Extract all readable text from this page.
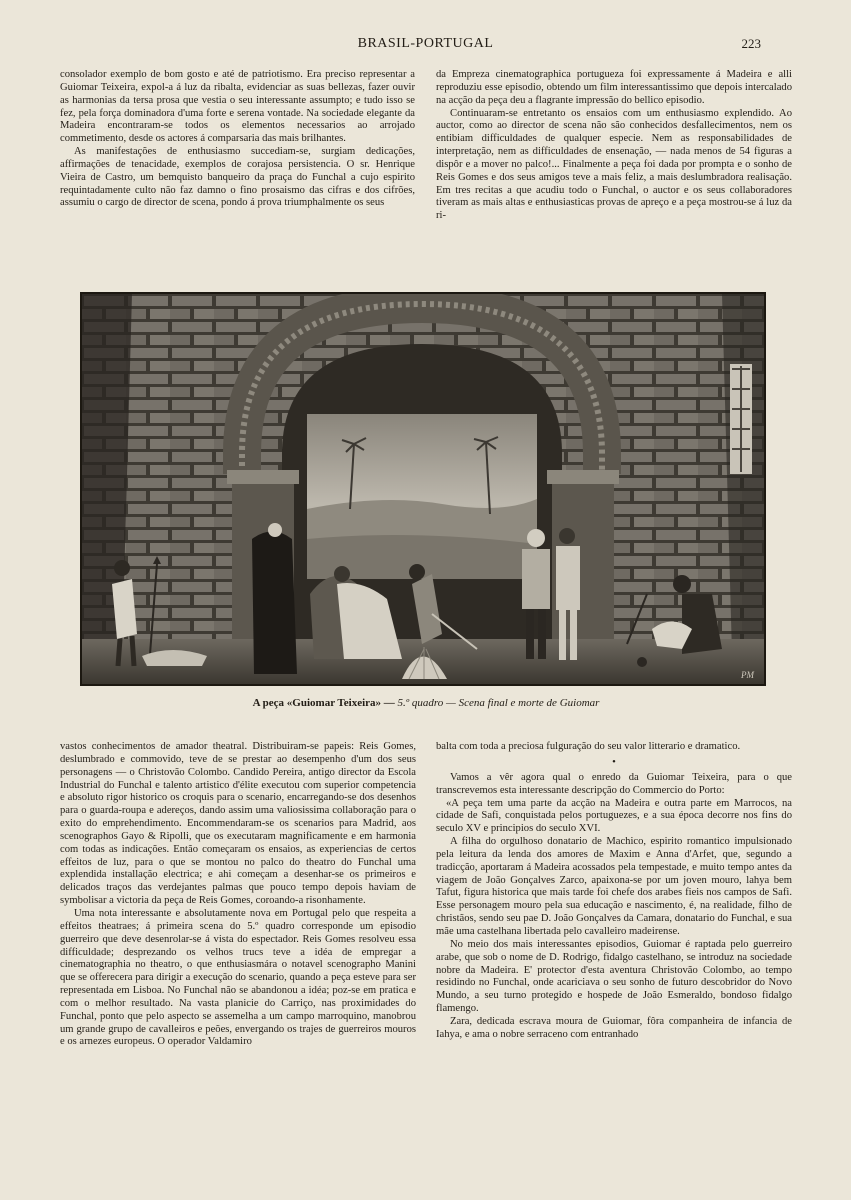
BRASIL-PORTUGAL	223

consolador exemplo de bom gosto e até de patriotismo. Era preciso representar a Guiomar Teixeira, expol-a á luz da ribalta, evidenciar as suas bellezas, fazer ouvir as harmonias da tersa prosa que vestia o seu interessante assumpto; e tudo isso se fez, pela força dominadora d'uma forte e serena vontade. Na sociedade elegante da Madeira encontraram-se todos os elementos necessarios ao arrojado commetimento, desde os actores á comparsaria das mais brilhantes.

As manifestações de enthusiasmo succediam-se, surgiam dedicações, affirmações de tenacidade, exemplos de corajosa persistencia. O sr. Henrique Vieira de Castro, um bemquisto banqueiro da praça do Funchal a cujo espirito requintadamente culto não faz damno o fino prosaismo das cifras e dos cifrões, assumiu o cargo de director de scena, pondo á prova triumphalmente os seus

da Empreza cinematographica portugueza foi expressamente á Madeira e alli reproduziu esse episodio, obtendo um film interessantissimo que depois intercalado na acção da peça deu a flagrante impressão do bellico episodio.

Continuaram-se entretanto os ensaios com um enthusiasmo explendido. Ao auctor, como ao director de scena não são conhecidos desfallecimentos, nem os entibiam difficuldades de qualquer especie. Nem as responsabilidades de interpretação, nem as difficuldades de ensenação, — nada menos de 54 figuras a dispôr e a mover no palco!... Finalmente a peça foi dada por prompta e o sonho de Reis Gomes e dos seus amigos teve a mais feliz, a mais deslumbradora realisação. Em tres recitas a que acudiu todo o Funchal, o auctor e os seus collaboradores tiveram as mais altas e enthusiasticas provas de apreço e a peça mostrou-se á luz da ri-

PM
A peça «Guiomar Teixeira» — 5.º quadro — Scena final e morte de Guiomar

vastos conhecimentos de amador theatral. Distribuiram-se papeis: Reis Gomes, deslumbrado e commovido, teve de se prestar ao desempenho d'um dos seus personagens — o Christovão Colombo. Candido Pereira, antigo director da Escola Industrial do Funchal e talento artistico d'élite executou com superior competencia e absoluto rigor historico os croquis para o scenario, encarregando-se dos desenhos para o guarda-roupa e adereços, dando assim uma valiosissima collaboração para o exito do emprehendimento. Encommendaram-se os scenarios para Madrid, aos scenographos Gayo & Ripolli, que os executaram magnificamente e em harmonia com todas as indicações. Então começaram os ensaios, as experiencias de certos effeitos de luz, para o que se montou no palco do theatro do Funchal uma explendida installação electrica; e ahi começam a desenhar-se os primeiros e delicados traços das verdejantes palmas que pouco tempo depois haviam de symbolisar a victoria da peça de Reis Gomes, coroando-a risonhamente.

Uma nota interessante e absolutamente nova em Portugal pelo que respeita a effeitos theatraes; á primeira scena do 5.º quadro corresponde um episodio guerreiro que deve desenrolar-se á vista do espectador. Reis Gomes resolveu essa difficuldade; desprezando os velhos trucs teve a idéa de empregar a cinematographia no theatro, o que enthusiasmára o notavel scenographo Manini que se offerecera para dirigir a execução do scenario, quando a peça esteve para ser representada em Lisboa. No Funchal não se abandonou a idéa; poz-se em pratica e com o melhor resultado. Na vasta planicie do Carriço, nas proximidades do Funchal, ponto que pelo aspecto se assemelha a um campo marroquino, manobrou um grande grupo de cavalleiros e peões, envergando os trajes de guerreiros mouros e os arnezes europeus. O operador Valdamiro

balta com toda a preciosa fulguração do seu valor litterario e dramatico.

•

Vamos a vêr agora qual o enredo da Guiomar Teixeira, para o que transcrevemos esta interessante descripção do Commercio do Porto:

«A peça tem uma parte da acção na Madeira e outra parte em Marrocos, na cidade de Safi, conquistada pelos portuguezes, e a sua época decorre nos fins do seculo XV e principios do seculo XVI.

A filha do orgulhoso donatario de Machico, espirito romantico impulsionado pela leitura da lenda dos amores de Maxim e Anna d'Arfet, que, segundo a tradicção, aportaram á Madeira acossados pela tempestade, e muito tempo antes da viagem de João Gonçalves Zarco, apaixona-se por um joven mouro, lahya bem Tafut, figura historica que mais tarde foi chefe dos arabes fieis nos campos de Safi. Esse personagem mouro pela sua educação e nascimento, é, na realidade, filho de christãos, sendo seu pae D. João Gonçalves da Camara, donatario do Funchal, e sua mãe uma castelhana libertada pelo cavalleiro madeirense.

No meio dos mais interessantes episodios, Guiomar é raptada pelo guerreiro arabe, que sob o nome de D. Rodrigo, fidalgo castelhano, se introduz na sociedade nobre da Madeira. E' protector d'esta aventura Christovão Colombo, ao tempo residindo no Funchal, onde acariciava o seu sonho de futuro descobridor do Novo Mundo, a seu turno protegido e hospede de João Esmeraldo, bondoso fidalgo flamengo.

Zara, dedicada escrava moura de Guiomar, fôra companheira de infancia de Iahya, e ama o nobre serraceno com entranhado
